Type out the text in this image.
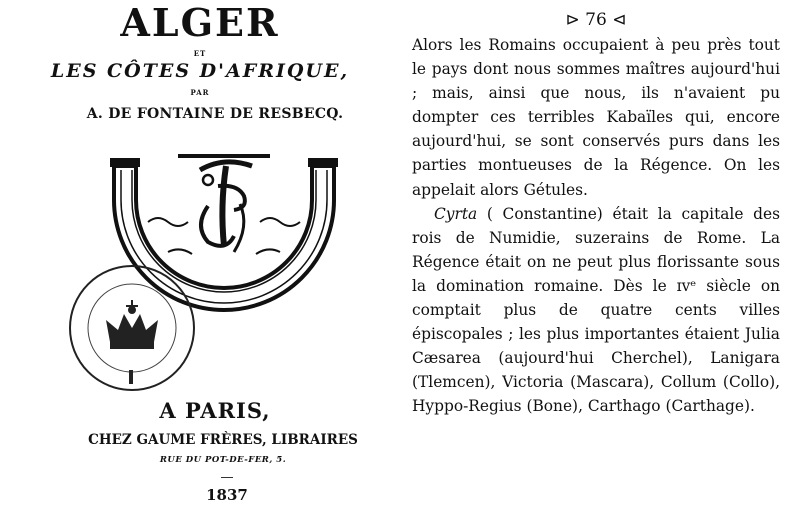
ALGER
ET
LES CÔTES D'AFRIQUE,
PAR
A. DE FONTAINE DE RESBECQ.
A PARIS,
CHEZ GAUME FRÈRES, LIBRAIRES
RUE DU POT-DE-FER, 5.
1837
⊳ 76 ⊲

Alors les Romains occupaient à peu près tout le pays dont nous sommes maîtres aujourd'hui ; mais, ainsi que nous, ils n'avaient pu dompter ces terribles Kabaïles qui, encore aujourd'hui, se sont conservés purs dans les parties montueuses de la Régence. On les appelait alors Gétules.

Cyrta ( Constantine) était la capitale des rois de Numidie, suzerains de Rome. La Régence était on ne peut plus florissante sous la domination romaine. Dès le ɪᴠᵉ siècle on comptait plus de quatre cents villes épiscopales ; les plus importantes étaient Julia Cæsarea (aujourd'hui Cherchel), Lanigara (Tlemcen), Victoria (Mascara), Collum (Collo), Hyppo-Regius (Bone), Carthago (Carthage).
